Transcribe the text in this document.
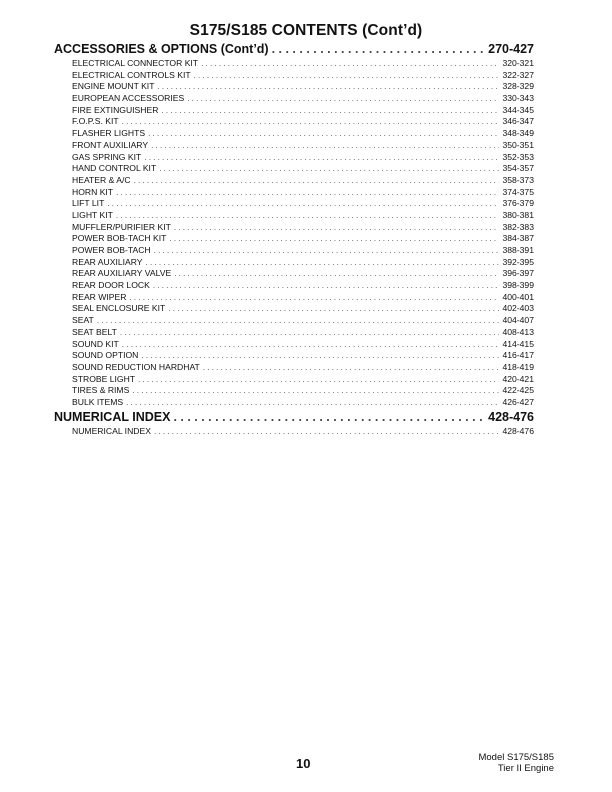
S175/S185 CONTENTS (Cont’d)
ACCESSORIES & OPTIONS (Cont’d) . . .	270-427
ELECTRICAL CONNECTOR KIT . . .	320-321
ELECTRICAL CONTROLS KIT . . .	322-327
ENGINE MOUNT KIT . . .	328-329
EUROPEAN ACCESSORIES . . .	330-343
FIRE EXTINGUISHER . . .	344-345
F.O.P.S. KIT . . .	346-347
FLASHER LIGHTS . . .	348-349
FRONT AUXILIARY . . .	350-351
GAS SPRING KIT . . .	352-353
HAND CONTROL KIT . . .	354-357
HEATER & A/C . . .	358-373
HORN KIT . . .	374-375
LIFT LIT . . .	376-379
LIGHT KIT . . .	380-381
MUFFLER/PURIFIER KIT . . .	382-383
POWER BOB-TACH KIT . . .	384-387
POWER BOB-TACH . . .	388-391
REAR AUXILIARY . . .	392-395
REAR AUXILIARY VALVE . . .	396-397
REAR DOOR LOCK . . .	398-399
REAR WIPER . . .	400-401
SEAL ENCLOSURE KIT . . .	402-403
SEAT . . .	404-407
SEAT BELT . . .	408-413
SOUND KIT . . .	414-415
SOUND OPTION . . .	416-417
SOUND REDUCTION HARDHAT . . .	418-419
STROBE LIGHT . . .	420-421
TIRES & RIMS . . .	422-425
BULK ITEMS . . .	426-427
NUMERICAL INDEX . . .	428-476
NUMERICAL INDEX . . .	428-476
10	Model S175/S185
Tier II Engine
